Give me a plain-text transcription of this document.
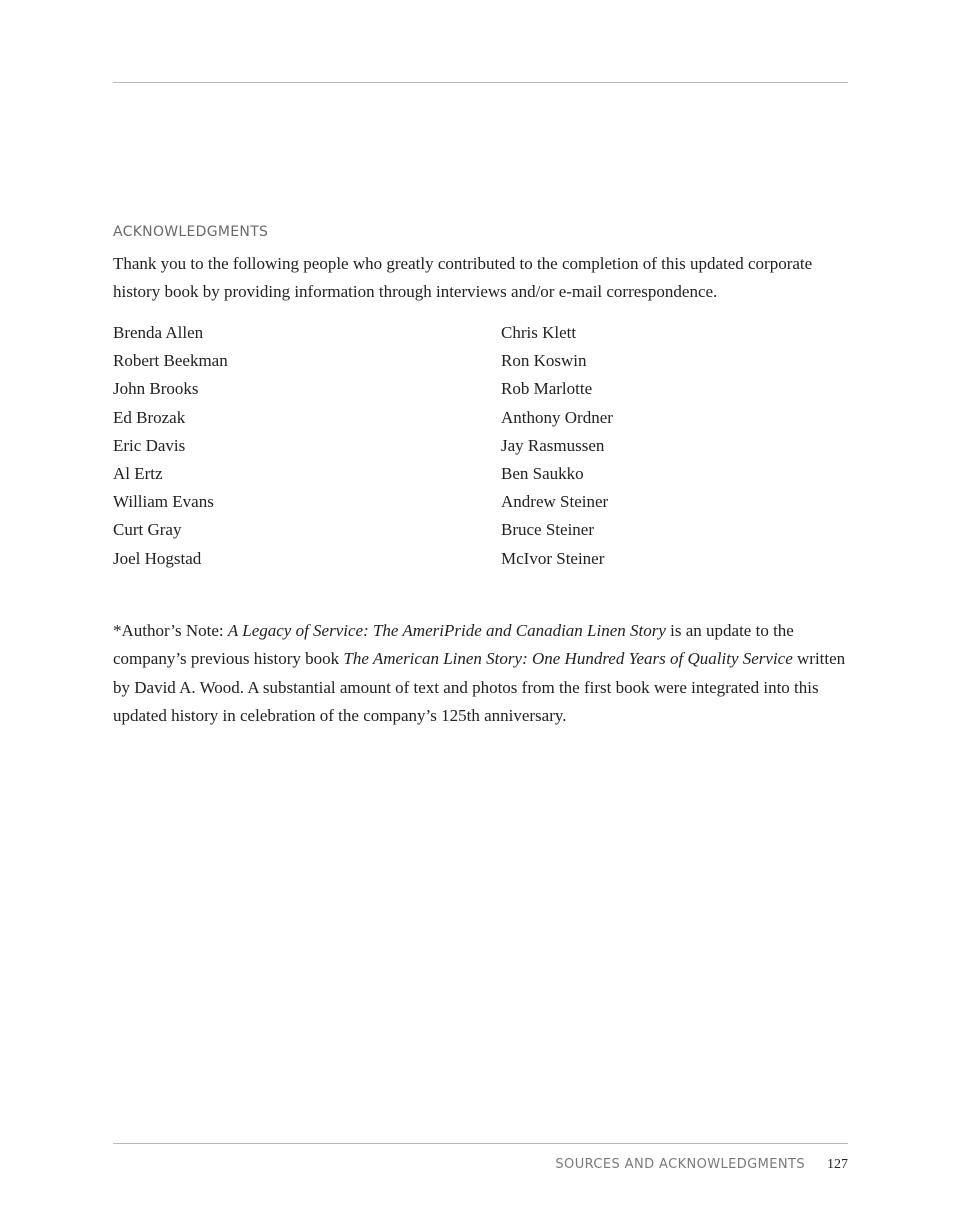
ACKNOWLEDGMENTS

Thank you to the following people who greatly contributed to the completion of this updated corporate history book by providing information through interviews and/or e-mail correspondence.

Brenda Allen
Robert Beekman
John Brooks
Ed Brozak
Eric Davis
Al Ertz
William Evans
Curt Gray
Joel Hogstad
Chris Klett
Ron Koswin
Rob Marlotte
Anthony Ordner
Jay Rasmussen
Ben Saukko
Andrew Steiner
Bruce Steiner
McIvor Steiner

*Author’s Note: A Legacy of Service: The AmeriPride and Canadian Linen Story is an update to the company’s previous history book The American Linen Story: One Hundred Years of Quality Service written by David A. Wood. A substantial amount of text and photos from the first book were integrated into this updated history in celebration of the company’s 125th anniversary.

SOURCES AND ACKNOWLEDGMENTS 127
